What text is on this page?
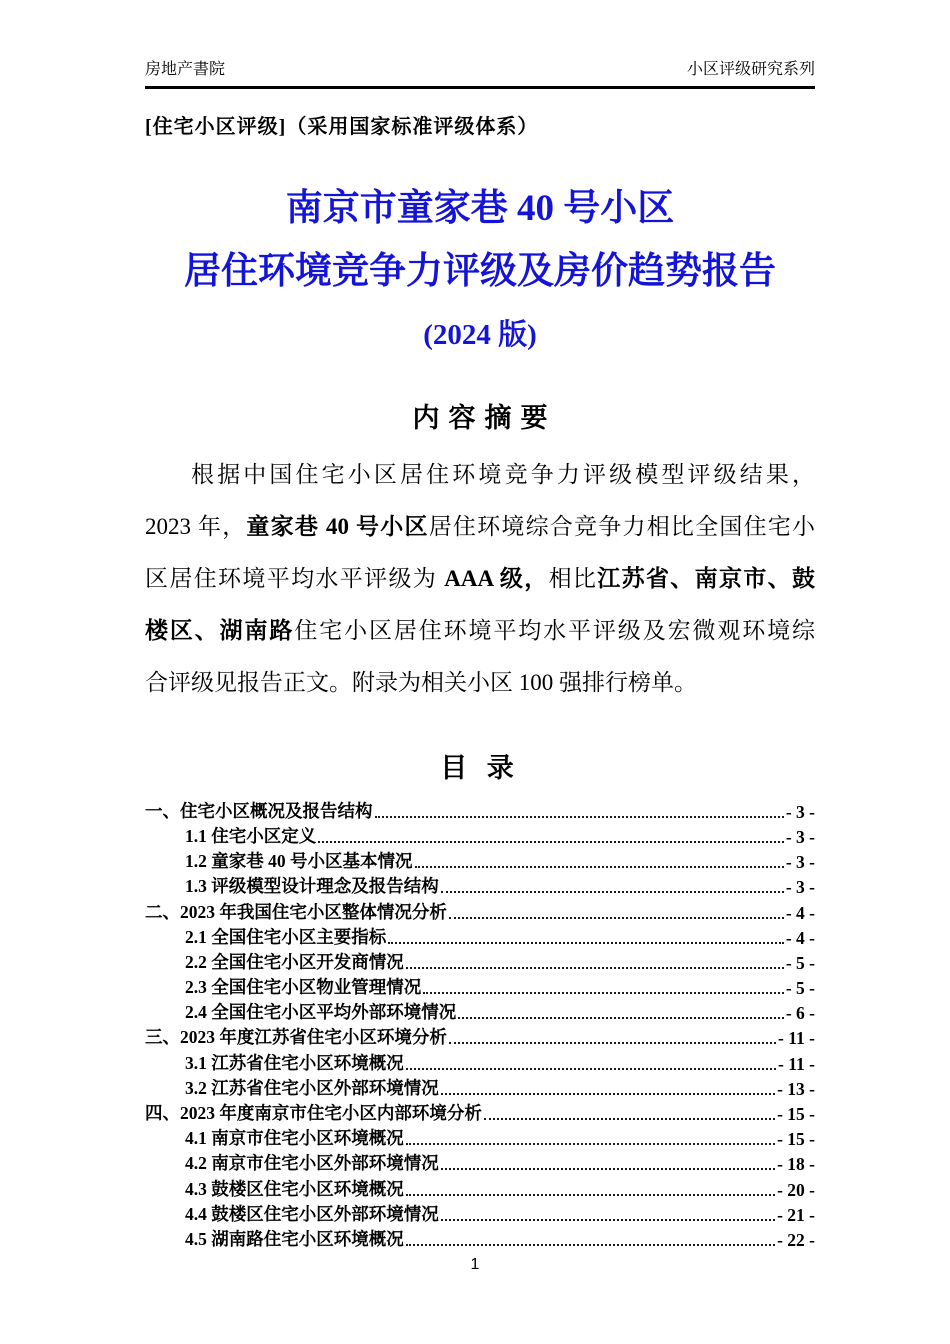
房地产書院	小区评级研究系列
[住宅小区评级]（采用国家标准评级体系）
南京市童家巷 40 号小区
居住环境竞争力评级及房价趋势报告
(2024 版)
内容摘要
根据中国住宅小区居住环境竞争力评级模型评级结果，
2023 年，童家巷 40 号小区居住环境综合竞争力相比全国住宅小
区居住环境平均水平评级为 AAA 级，相比江苏省、南京市、鼓
楼区、湖南路住宅小区居住环境平均水平评级及宏微观环境综
合评级见报告正文。附录为相关小区 100 强排行榜单。
目 录
一、住宅小区概况及报告结构	- 3 -
1.1 住宅小区定义	- 3 -
1.2 童家巷 40 号小区基本情况	- 3 -
1.3 评级模型设计理念及报告结构	- 3 -
二、2023 年我国住宅小区整体情况分析	- 4 -
2.1 全国住宅小区主要指标	- 4 -
2.2 全国住宅小区开发商情况	- 5 -
2.3 全国住宅小区物业管理情况	- 5 -
2.4 全国住宅小区平均外部环境情况	- 6 -
三、2023 年度江苏省住宅小区环境分析	- 11 -
3.1 江苏省住宅小区环境概况	- 11 -
3.2 江苏省住宅小区外部环境情况	- 13 -
四、2023 年度南京市住宅小区内部环境分析	- 15 -
4.1 南京市住宅小区环境概况	- 15 -
4.2 南京市住宅小区外部环境情况	- 18 -
4.3 鼓楼区住宅小区环境概况	- 20 -
4.4 鼓楼区住宅小区外部环境情况	- 21 -
4.5 湖南路住宅小区环境概况	- 22 -
1
